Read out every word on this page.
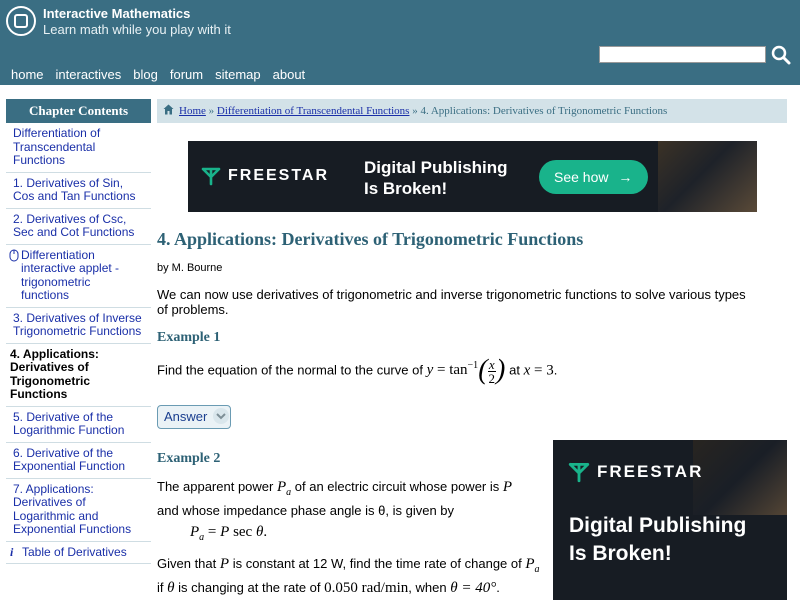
Interactive Mathematics
Learn math while you play with it
home interactives blog forum sitemap about
Chapter Contents
Differentiation of Transcendental Functions
1. Derivatives of Sin, Cos and Tan Functions
2. Derivatives of Csc, Sec and Cot Functions
Differentiation interactive applet - trigonometric functions
3. Derivatives of Inverse Trigonometric Functions
4. Applications: Derivatives of Trigonometric Functions
5. Derivative of the Logarithmic Function
6. Derivative of the Exponential Function
7. Applications: Derivatives of Logarithmic and Exponential Functions
i Table of Derivatives
Home » Differentiation of Transcendental Functions » 4. Applications: Derivatives of Trigonometric Functions
FREESTAR Digital Publishing
Is Broken!
See how →
4. Applications: Derivatives of Trigonometric Functions
by M. Bourne
We can now use derivatives of trigonometric and inverse trigonometric functions to solve various types of problems.
Example 1
Find the equation of the normal to the curve of $y = \tan^{-1}( \frac{x}{2}$ ) at x = 3.
Answer
Example 2
The apparent power $P_a$ of an electric circuit whose power is P and whose impedance phase angle is θ, is given by
$P_a = P$ sec θ.
Given that P is constant at 12 W, find the time rate of change of $P_a$ if θ is changing at the rate of 0.050 rad/min, when θ = 40°.
FREESTAR
Digital Publishing
Is Broken!
